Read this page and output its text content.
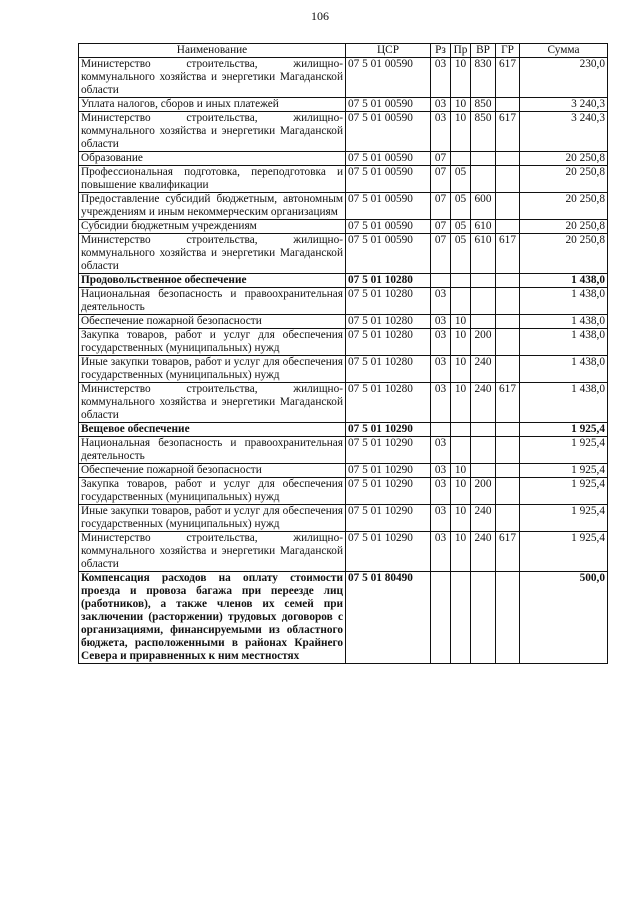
106
Наименование	ЦСР	Рз	Пр	ВР	ГР	Сумма
Министерство строительства, жилищно-коммунального хозяйства и энергетики Магаданской области	07 5 01 00590	03	10	830	617	230,0
Уплата налогов, сборов и иных платежей	07 5 01 00590	03	10	850		3 240,3
Министерство строительства, жилищно-коммунального хозяйства и энергетики Магаданской области	07 5 01 00590	03	10	850	617	3 240,3
Образование	07 5 01 00590	07				20 250,8
Профессиональная подготовка, переподготовка и повышение квалификации	07 5 01 00590	07	05			20 250,8
Предоставление субсидий бюджетным, автономным учреждениям и иным некоммерческим организациям	07 5 01 00590	07	05	600		20 250,8
Субсидии бюджетным учреждениям	07 5 01 00590	07	05	610		20 250,8
Министерство строительства, жилищно-коммунального хозяйства и энергетики Магаданской области	07 5 01 00590	07	05	610	617	20 250,8
Продовольственное обеспечение	07 5 01 10280					1 438,0
Национальная безопасность и правоохранительная деятельность	07 5 01 10280	03				1 438,0
Обеспечение пожарной безопасности	07 5 01 10280	03	10			1 438,0
Закупка товаров, работ и услуг для обеспечения государственных (муниципальных) нужд	07 5 01 10280	03	10	200		1 438,0
Иные закупки товаров, работ и услуг для обеспечения государственных (муниципальных) нужд	07 5 01 10280	03	10	240		1 438,0
Министерство строительства, жилищно-коммунального хозяйства и энергетики Магаданской области	07 5 01 10280	03	10	240	617	1 438,0
Вещевое обеспечение	07 5 01 10290					1 925,4
Национальная безопасность и правоохранительная деятельность	07 5 01 10290	03				1 925,4
Обеспечение пожарной безопасности	07 5 01 10290	03	10			1 925,4
Закупка товаров, работ и услуг для обеспечения государственных (муниципальных) нужд	07 5 01 10290	03	10	200		1 925,4
Иные закупки товаров, работ и услуг для обеспечения государственных (муниципальных) нужд	07 5 01 10290	03	10	240		1 925,4
Министерство строительства, жилищно-коммунального хозяйства и энергетики Магаданской области	07 5 01 10290	03	10	240	617	1 925,4
Компенсация расходов на оплату стоимости проезда и провоза багажа при переезде лиц (работников), а также членов их семей при заключении (расторжении) трудовых договоров с организациями, финансируемыми из областного бюджета, расположенными в районах Крайнего Севера и приравненных к ним местностях	07 5 01 80490					500,0
